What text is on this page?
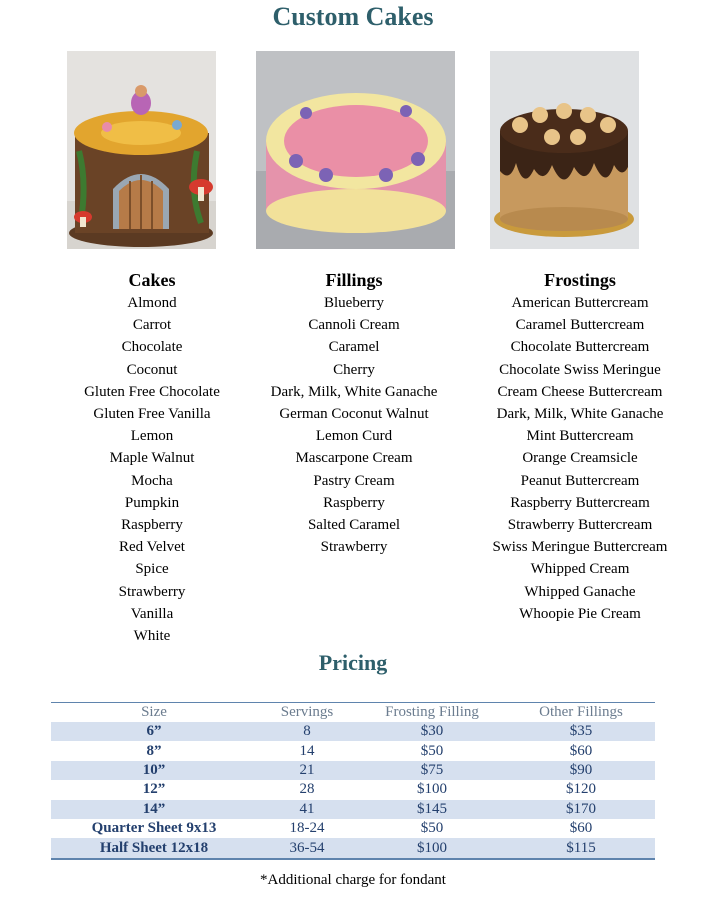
Custom Cakes
Cakes
Almond
Carrot
Chocolate
Coconut
Gluten Free Chocolate
Gluten Free Vanilla
Lemon
Maple Walnut
Mocha
Pumpkin
Raspberry
Red Velvet
Spice
Strawberry
Vanilla
White
Fillings
Blueberry
Cannoli Cream
Caramel
Cherry
Dark, Milk, White Ganache
German Coconut Walnut
Lemon Curd
Mascarpone Cream
Pastry Cream
Raspberry
Salted Caramel
Strawberry
Frostings
American Buttercream
Caramel Buttercream
Chocolate Buttercream
Chocolate Swiss Meringue
Cream Cheese Buttercream
Dark, Milk, White Ganache
Mint Buttercream
Orange Creamsicle
Peanut Buttercream
Raspberry Buttercream
Strawberry Buttercream
Swiss Meringue Buttercream
Whipped Cream
Whipped Ganache
Whoopie Pie Cream
Pricing
Size	Servings	Frosting Filling	Other Fillings
6”	8	$30	$35
8”	14	$50	$60
10”	21	$75	$90
12”	28	$100	$120
14”	41	$145	$170
Quarter Sheet 9x13	18-24	$50	$60
Half Sheet 12x18	36-54	$100	$115
*Additional charge for fondant
